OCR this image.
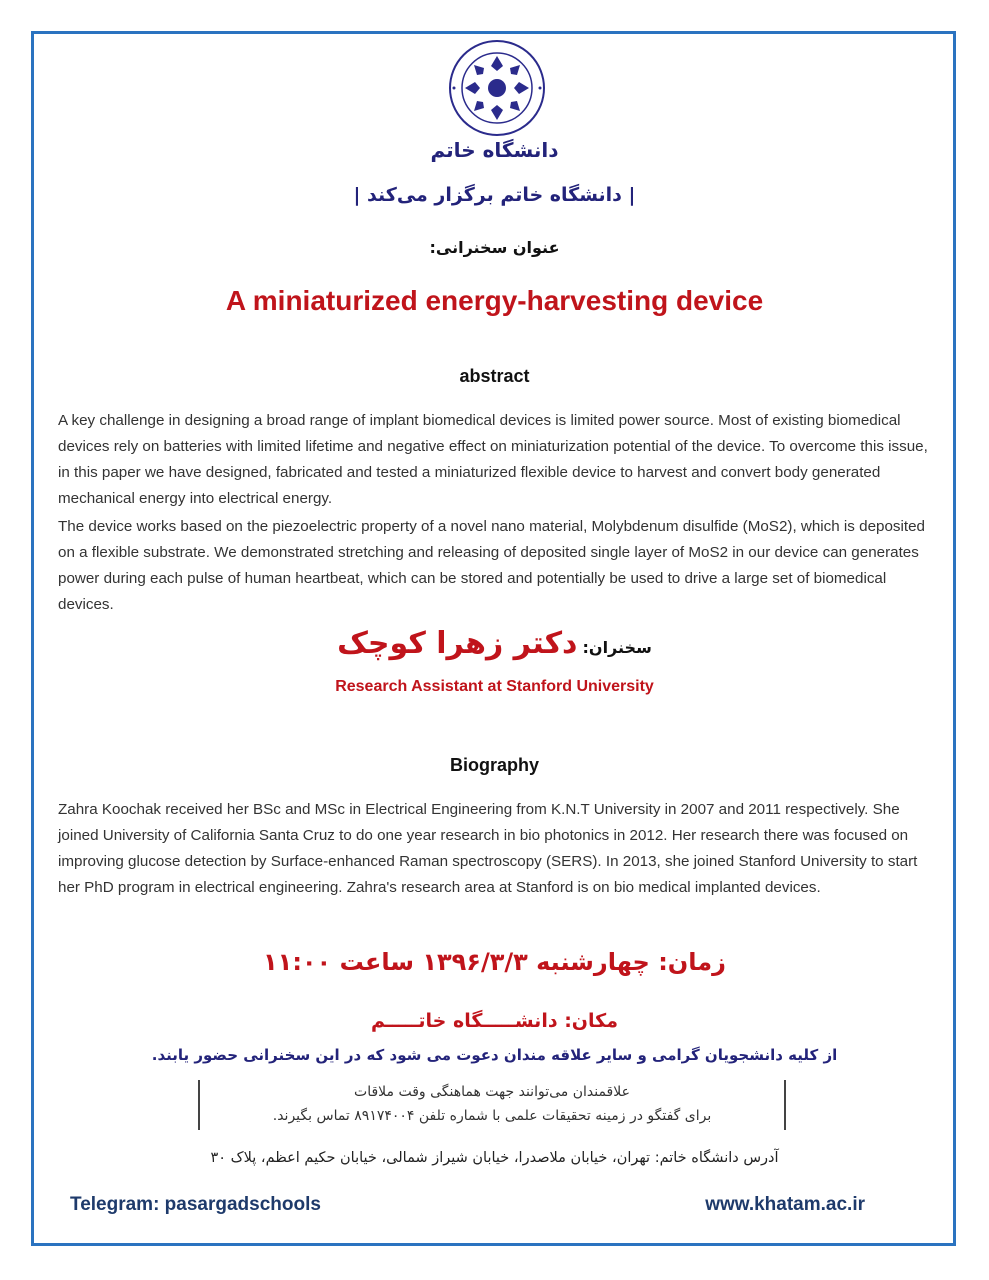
دانشگاه خاتم
| دانشگاه خاتم برگزار می‌کند |
عنوان سخنرانی:
A miniaturized energy-harvesting device
abstract

A key challenge in designing a broad range of implant biomedical devices is limited power source. Most of existing biomedical devices rely on batteries with limited lifetime and negative effect on miniaturization potential of the device. To overcome this issue, in this paper we have designed, fabricated and tested a miniaturized flexible device to harvest and convert body generated mechanical energy into electrical energy.

The device works based on the piezoelectric property of a novel nano material, Molybdenum disulfide (MoS2), which is deposited on a flexible substrate. We demonstrated stretching and releasing of deposited single layer of MoS2 in our device can generates power during each pulse of human heartbeat, which can be stored and potentially be used to drive a large set of biomedical devices.

سخنران: دکتر زهرا کوچک
Research Assistant at Stanford University
Biography

Zahra Koochak received her BSc and MSc in Electrical Engineering from K.N.T University in 2007 and 2011 respectively. She joined University of California Santa Cruz to do one year research in bio photonics in 2012. Her research there was focused on improving glucose detection by Surface-enhanced Raman spectroscopy (SERS). In 2013, she joined Stanford University to start her PhD program in electrical engineering. Zahra's research area at Stanford is on bio medical implanted devices.

زمان: چهارشنبه ۱۳۹۶/۳/۳ ساعت ۱۱:۰۰
مکان: دانشـــــگاه خاتـــــم
از کلیه دانشجویان گرامی و سایر علاقه مندان دعوت می شود که در این سخنرانی حضور یابند.
علاقمندان می‌توانند جهت هماهنگی وقت ملاقات
برای گفتگو در زمینه تحقیقات علمی با شماره تلفن ۸۹۱۷۴۰۰۴ تماس بگیرند.
آدرس دانشگاه خاتم: تهران، خیابان ملاصدرا، خیابان شیراز شمالی، خیابان حکیم اعظم، پلاک ۳۰
Telegram: pasargadschools	www.khatam.ac.ir
